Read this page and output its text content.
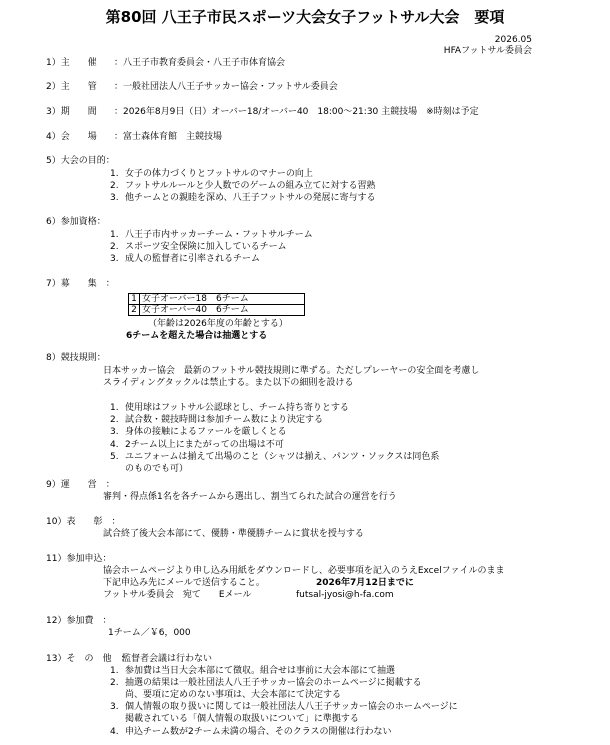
第80回 八王子市民スポーツ大会女子フットサル大会　要項
2026.05
HFAフットサル委員会
1）主　　催 ：八王子市教育委員会・八王子市体育協会
2）主　　管 ：一般社団法人八王子サッカー協会・フットサル委員会
3）期　　間 ：2026年8月9日（日）オーバー18/オーバー40　18:00～21:30 主競技場　※時刻は予定
4）会　　場 ：富士森体育館　主競技場
5）大会の目的：
1. 女子の体力づくりとフットサルのマナーの向上
2. フットサルルールと少人数でのゲームの組み立てに対する習熟
3. 他チームとの親睦を深め、八王子フットサルの発展に寄与する
6）参加資格：
1. 八王子市内サッカーチーム・フットサルチーム
2. スポーツ安全保険に加入しているチーム
3. 成人の監督者に引率されるチーム
7）募　　集　：
1	女子オーバー18　6チーム
2	女子オーバー40　6チーム
（年齢は2026年度の年齢とする）
6チームを超えた場合は抽選とする
8）競技規則：
日本サッカー協会　最新のフットサル競技規則に準ずる。ただしプレーヤーの安全面を考慮し
スライディングタックルは禁止する。また以下の細則を設ける
1. 使用球はフットサル公認球とし、チーム持ち寄りとする
2. 試合数・競技時間は参加チーム数により決定する
3. 身体の接触によるファールを厳しくとる
4. 2チーム以上にまたがっての出場は不可
5. ユニフォームは揃えて出場のこと（シャツは揃え、パンツ・ソックスは同色系
のものでも可）
9）運　　営　：
審判・得点係1名を各チームから選出し、割当てられた試合の運営を行う
10）表　　彰　：
試合終了後大会本部にて、優勝・準優勝チームに賞状を授与する
11）参加申込：
協会ホームページより申し込み用紙をダウンロードし、必要事項を記入のうえExcelファイルのまま
下記申込み先にメールで送信すること。	2026年7月12日までに
フットサル委員会　宛て　　Eメール	futsal-jyosi@h-fa.com
12）参加費　：
1チーム／￥6，000
13）そ　の　他　：
監督者会議は行わない
1. 参加費は当日大会本部にて徴収。組合せは事前に大会本部にて抽選
2. 抽選の結果は一般社団法人八王子サッカー協会のホームページに掲載する
尚、要項に定めのない事項は、大会本部にて決定する
3. 個人情報の取り扱いに関しては一般社団法人八王子サッカー協会のホームページに
掲載されている「個人情報の取扱いについて」に準拠する
4. 申込チーム数が2チーム未満の場合、そのクラスの開催は行わない
